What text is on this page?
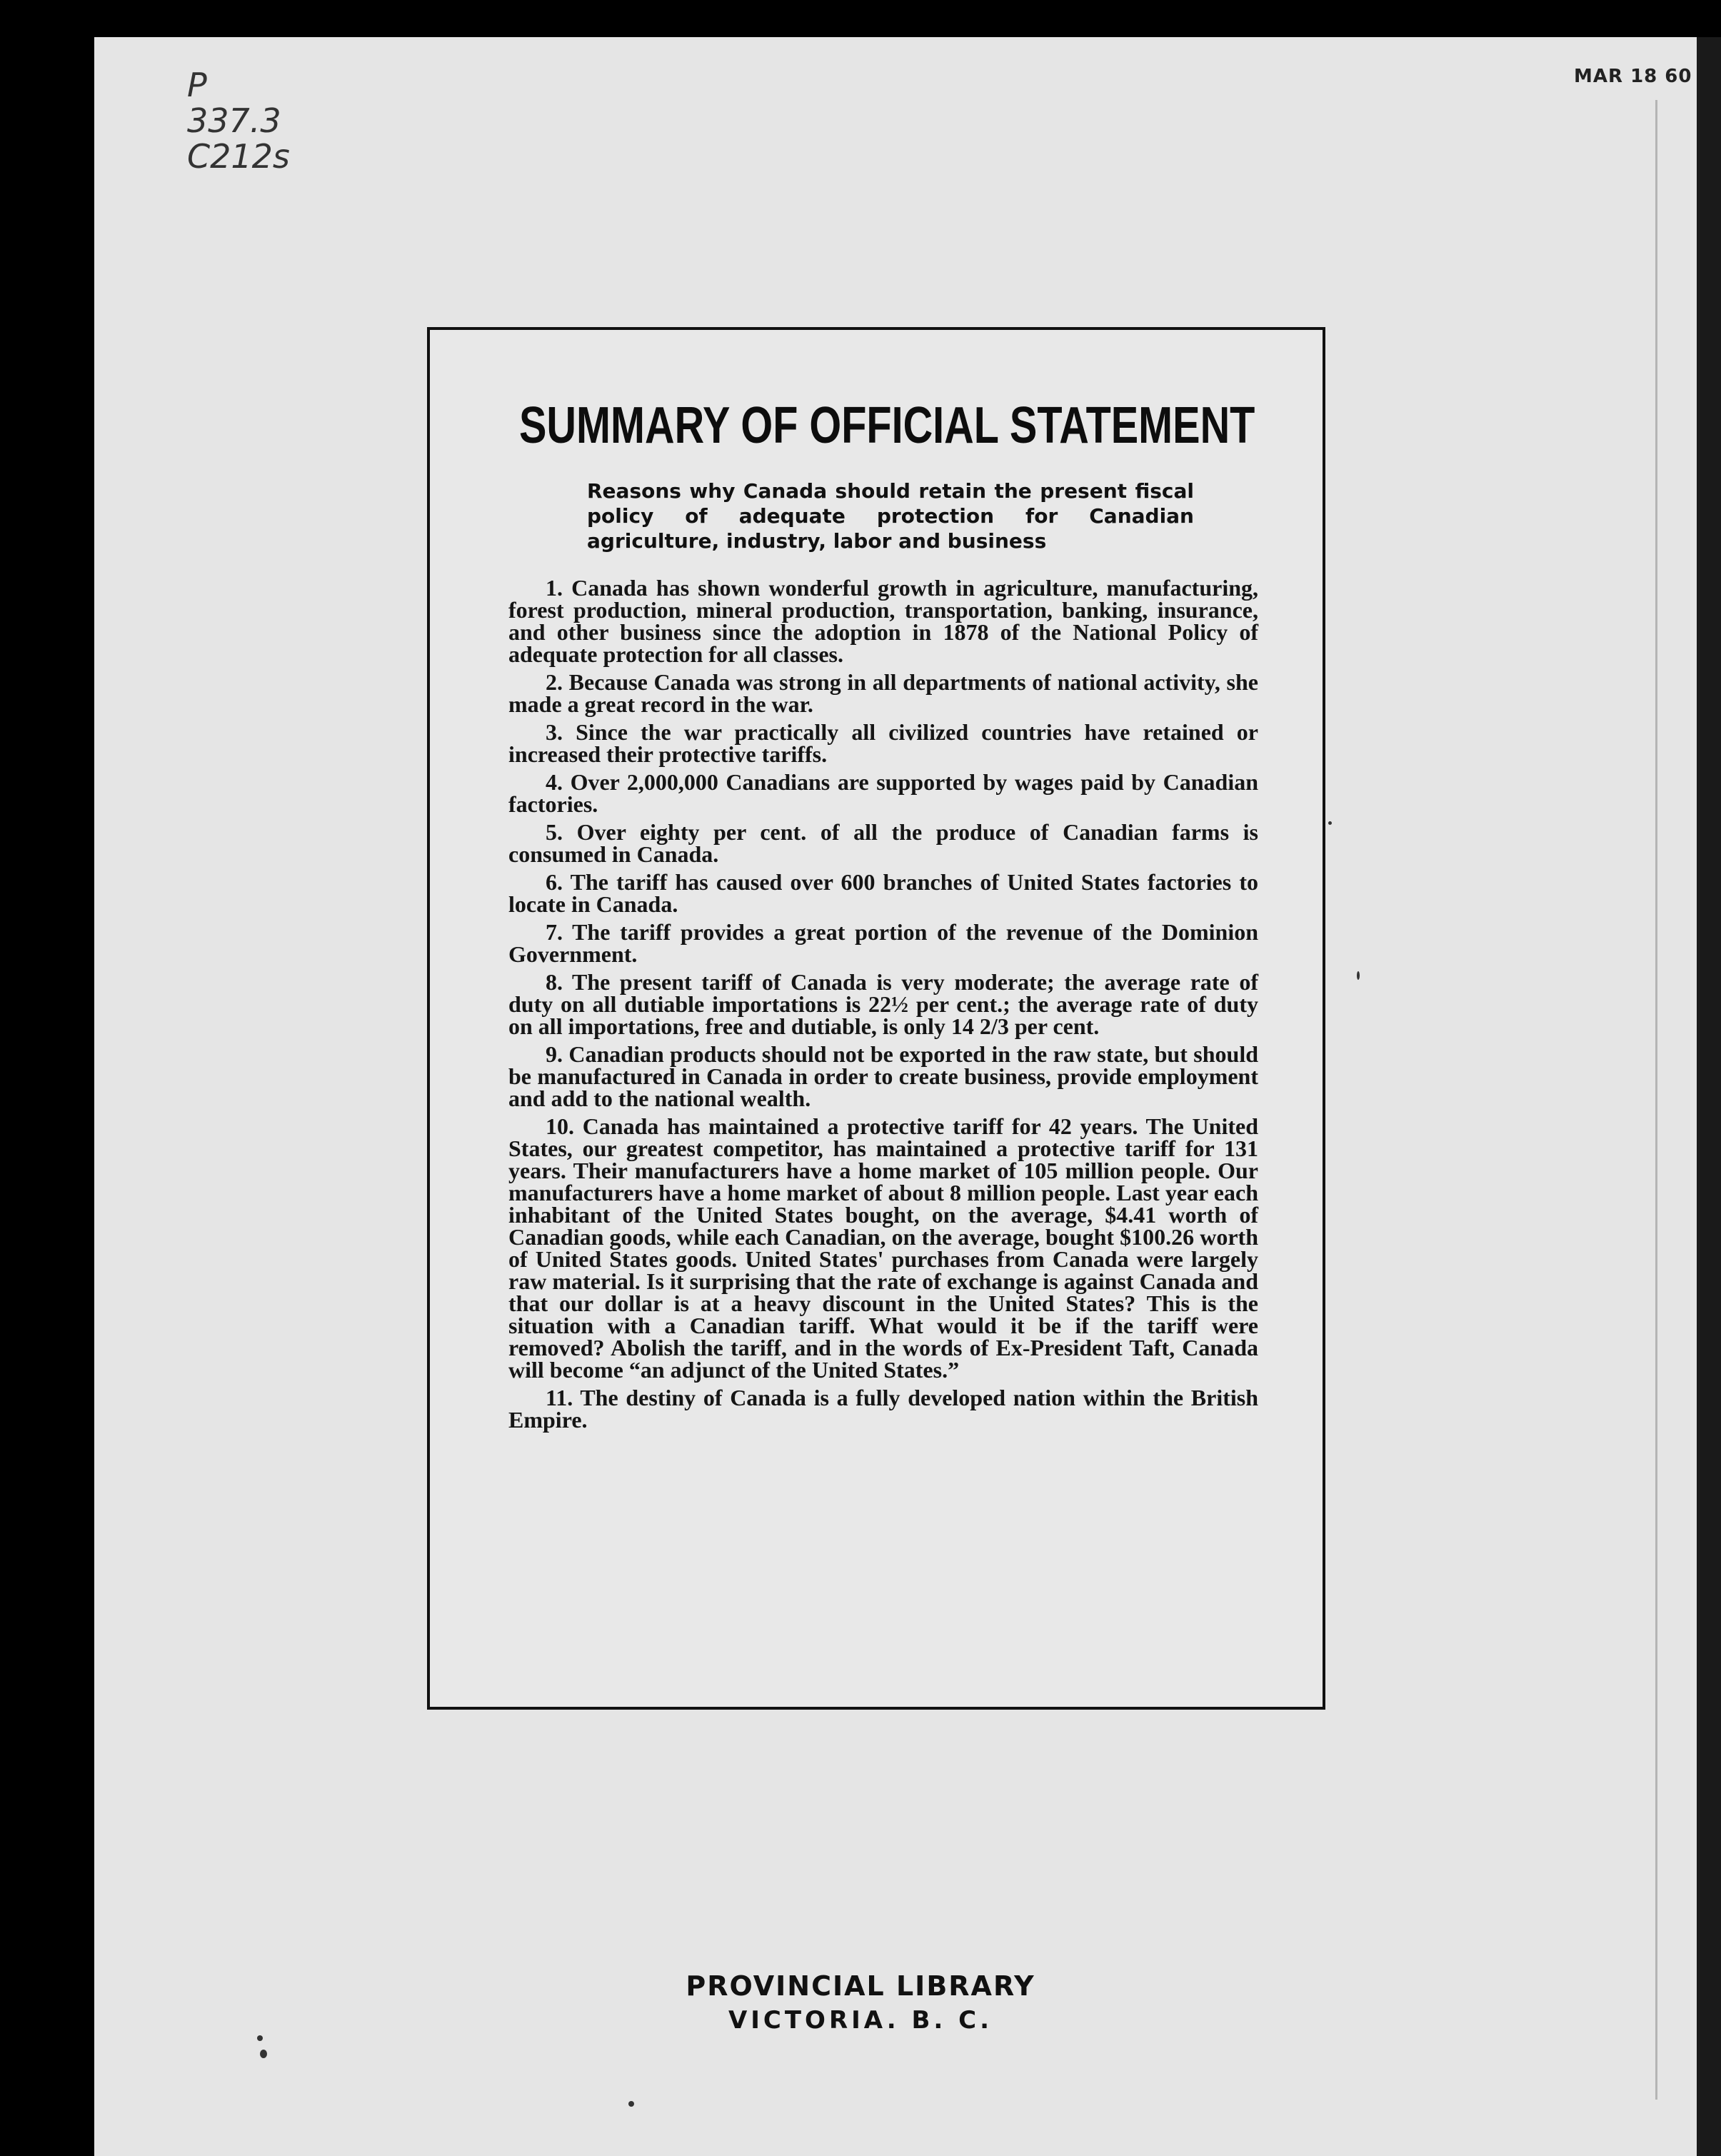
P
337.3
C212s
MAR 18 60
SUMMARY OF OFFICIAL STATEMENT
Reasons why Canada should retain the present fiscal policy of adequate protection for Canadian agriculture, industry, labor and business

1. Canada has shown wonderful growth in agriculture, manufacturing, forest production, mineral production, transportation, banking, insurance, and other business since the adoption in 1878 of the National Policy of adequate protection for all classes.

2. Because Canada was strong in all departments of national activity, she made a great record in the war.

3. Since the war practically all civilized countries have retained or increased their protective tariffs.

4. Over 2,000,000 Canadians are supported by wages paid by Canadian factories.

5. Over eighty per cent. of all the produce of Canadian farms is consumed in Canada.

6. The tariff has caused over 600 branches of United States factories to locate in Canada.

7. The tariff provides a great portion of the revenue of the Dominion Government.

8. The present tariff of Canada is very moderate; the average rate of duty on all dutiable importations is 22½ per cent.; the average rate of duty on all importations, free and dutiable, is only 14 2/3 per cent.

9. Canadian products should not be exported in the raw state, but should be manufactured in Canada in order to create business, provide employment and add to the national wealth.

10. Canada has maintained a protective tariff for 42 years. The United States, our greatest competitor, has maintained a protective tariff for 131 years. Their manufacturers have a home market of 105 million people. Our manufacturers have a home market of about 8 million people. Last year each inhabitant of the United States bought, on the average, $4.41 worth of Canadian goods, while each Canadian, on the average, bought $100.26 worth of United States goods. United States' purchases from Canada were largely raw material. Is it surprising that the rate of exchange is against Canada and that our dollar is at a heavy discount in the United States? This is the situation with a Canadian tariff. What would it be if the tariff were removed? Abolish the tariff, and in the words of Ex-President Taft, Canada will become “an adjunct of the United States.”

11. The destiny of Canada is a fully developed nation within the British Empire.

PROVINCIAL LIBRARY
VICTORIA. B. C.
